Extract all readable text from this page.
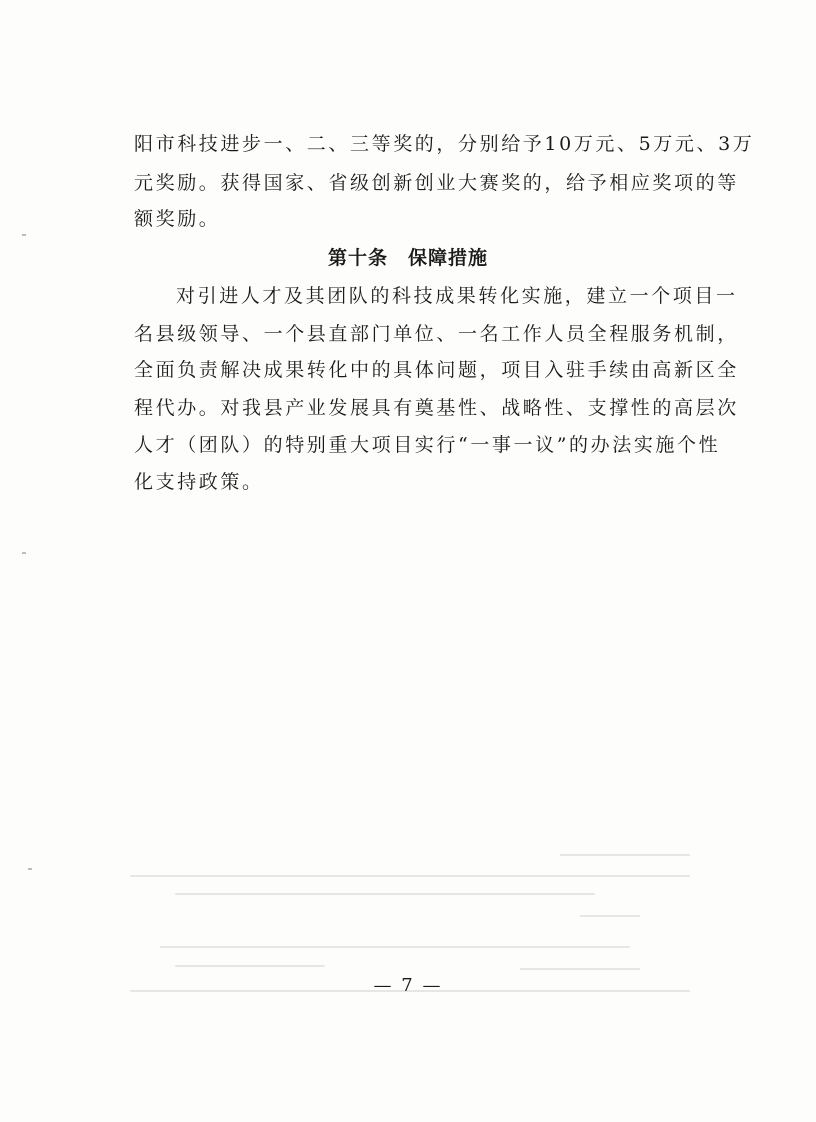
阳市科技进步一、二、三等奖的，分别给予10万元、5万元、3万
元奖励。获得国家、省级创新创业大赛奖的，给予相应奖项的等
额奖励。
第十条　保障措施
对引进人才及其团队的科技成果转化实施，建立一个项目一
名县级领导、一个县直部门单位、一名工作人员全程服务机制，
全面负责解决成果转化中的具体问题，项目入驻手续由高新区全
程代办。对我县产业发展具有奠基性、战略性、支撑性的高层次
人才（团队）的特别重大项目实行“一事一议”的办法实施个性
化支持政策。
— 7 —
